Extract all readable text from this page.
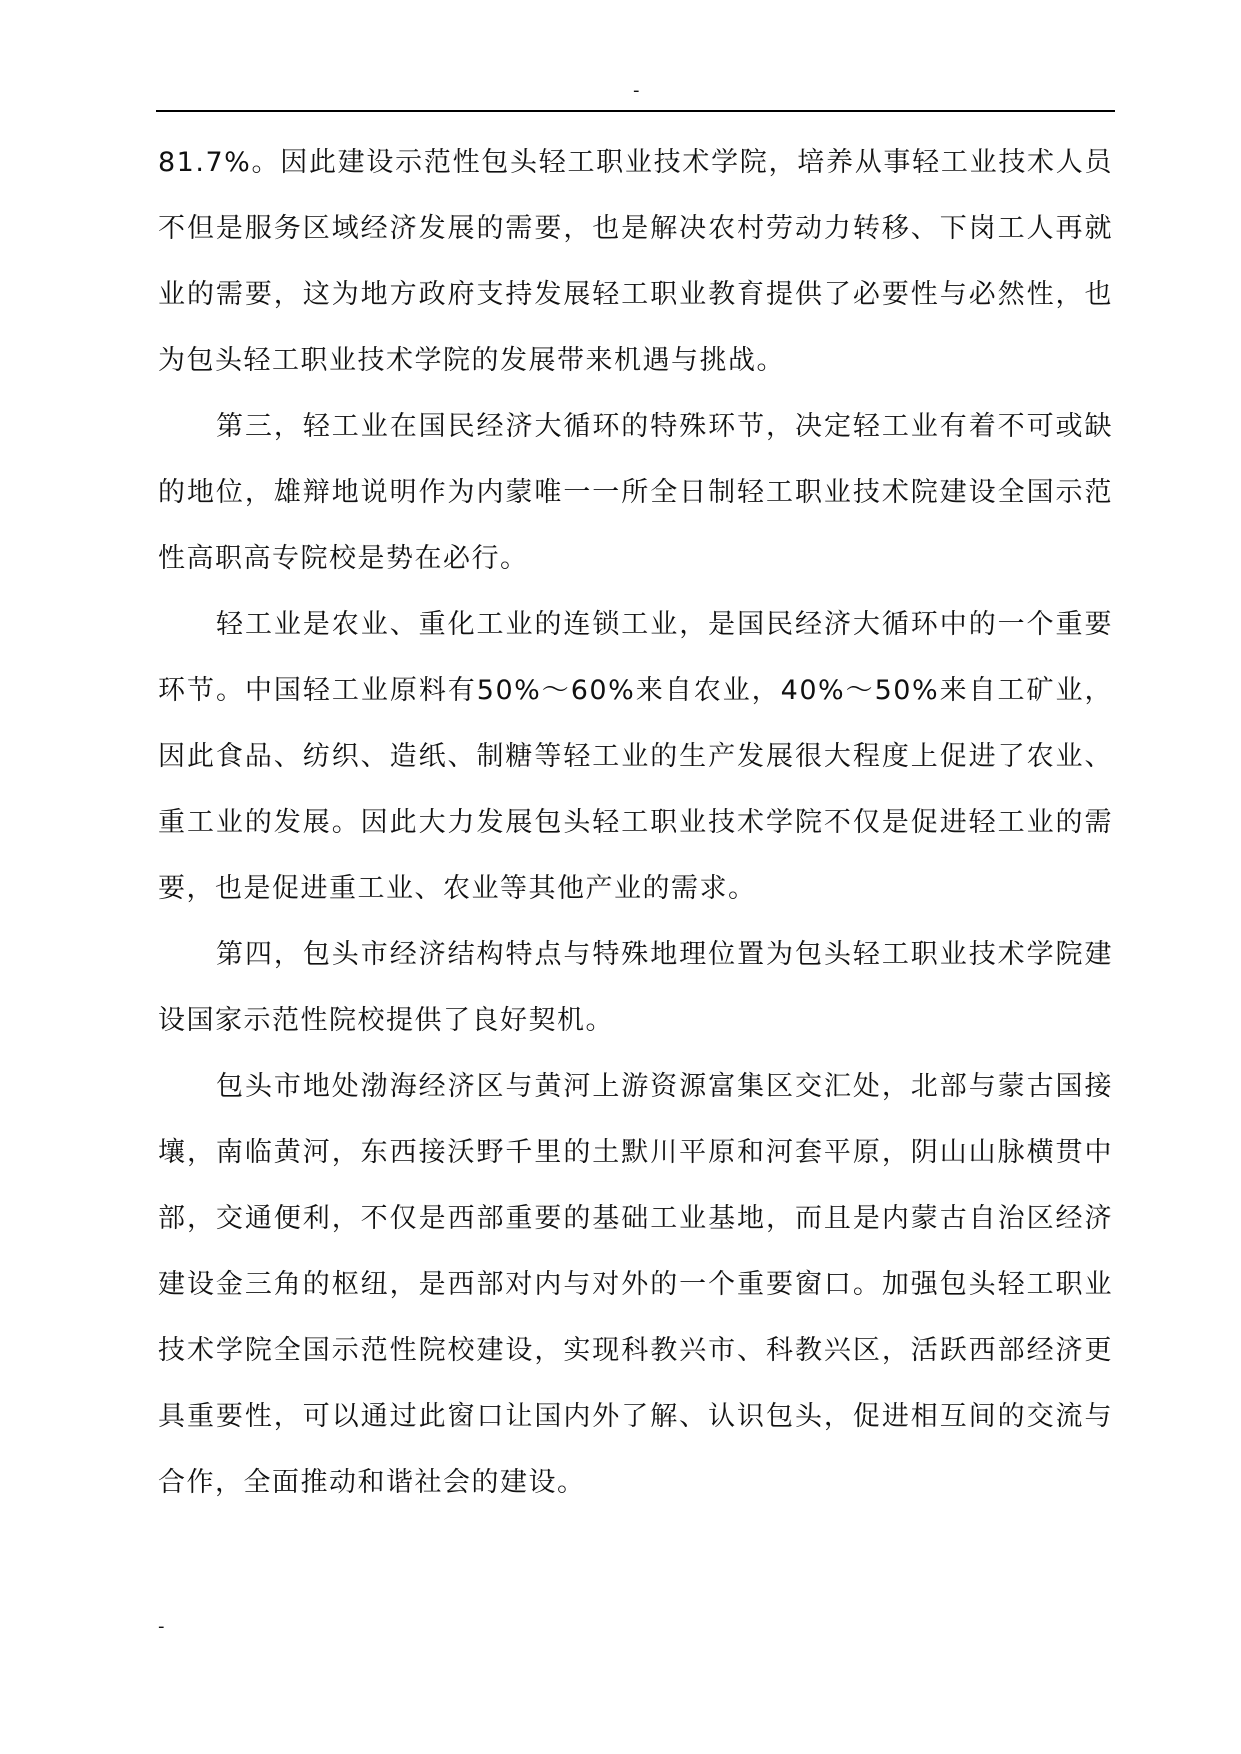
-

81.7%。因此建设示范性包头轻工职业技术学院，培养从事轻工业技术人员不但是服务区域经济发展的需要，也是解决农村劳动力转移、下岗工人再就业的需要，这为地方政府支持发展轻工职业教育提供了必要性与必然性，也为包头轻工职业技术学院的发展带来机遇与挑战。

第三，轻工业在国民经济大循环的特殊环节，决定轻工业有着不可或缺的地位，雄辩地说明作为内蒙唯一一所全日制轻工职业技术院建设全国示范性高职高专院校是势在必行。

轻工业是农业、重化工业的连锁工业，是国民经济大循环中的一个重要环节。中国轻工业原料有50%～60%来自农业，40%～50%来自工矿业，因此食品、纺织、造纸、制糖等轻工业的生产发展很大程度上促进了农业、重工业的发展。因此大力发展包头轻工职业技术学院不仅是促进轻工业的需要，也是促进重工业、农业等其他产业的需求。

第四，包头市经济结构特点与特殊地理位置为包头轻工职业技术学院建设国家示范性院校提供了良好契机。

包头市地处渤海经济区与黄河上游资源富集区交汇处，北部与蒙古国接壤，南临黄河，东西接沃野千里的土默川平原和河套平原，阴山山脉横贯中部，交通便利，不仅是西部重要的基础工业基地，而且是内蒙古自治区经济建设金三角的枢纽，是西部对内与对外的一个重要窗口。加强包头轻工职业技术学院全国示范性院校建设，实现科教兴市、科教兴区，活跃西部经济更具重要性，可以通过此窗口让国内外了解、认识包头，促进相互间的交流与合作，全面推动和谐社会的建设。

-
